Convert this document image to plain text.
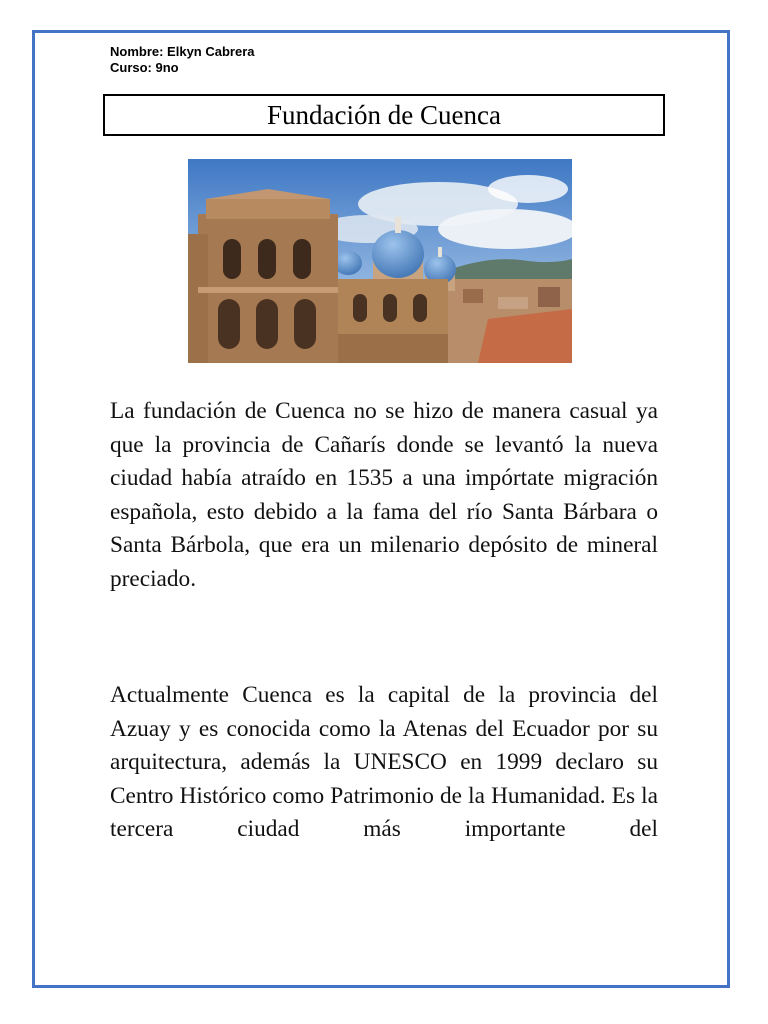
Nombre: Elkyn Cabrera
Curso: 9no
Fundación de Cuenca

La fundación de Cuenca no se hizo de manera casual ya que la provincia de Cañarís donde se levantó la nueva ciudad había atraído en 1535 a una impórtate migración española, esto debido a la fama del río Santa Bárbara o Santa Bárbola, que era un milenario depósito de mineral preciado.

Actualmente Cuenca es la capital de la provincia del Azuay y es conocida como la Atenas del Ecuador por su arquitectura, además la UNESCO en 1999 declaro su Centro Histórico como Patrimonio de la Humanidad. Es la tercera ciudad más importante del
